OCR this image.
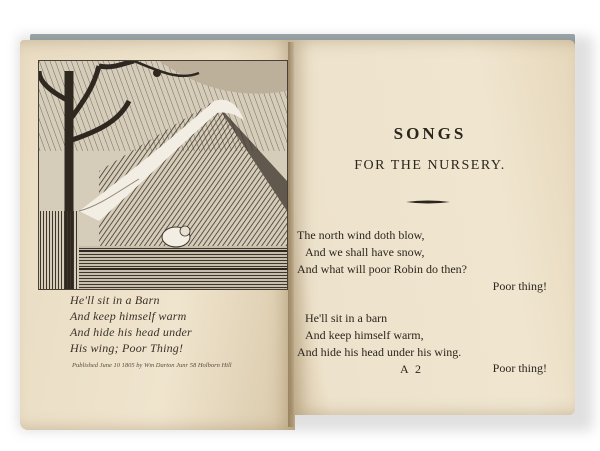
He'll sit in a Barn
And keep himself warm
And hide his head under
His wing; Poor Thing!
Published June 10 1805 by Wm Darton Junr 58 Holborn Hill
SONGS
FOR THE NURSERY.
The north wind doth blow,
And we shall have snow,
And what will poor Robin do then?
Poor thing!
He'll sit in a barn
And keep himself warm,
And hide his head under his wing.
A 2	Poor thing!
